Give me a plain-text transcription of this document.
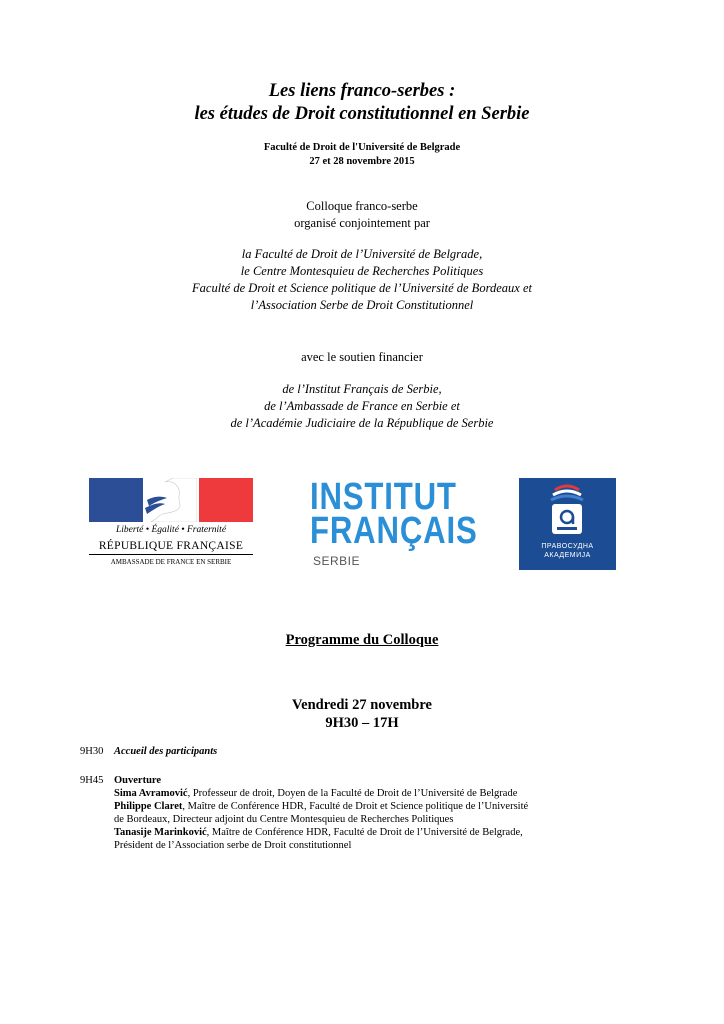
Les liens franco-serbes :
les études de Droit constitutionnel en Serbie
Faculté de Droit de l'Université de Belgrade
27 et 28 novembre 2015
Colloque franco-serbe
organisé conjointement par
la Faculté de Droit de l’Université de Belgrade,
le Centre Montesquieu de Recherches Politiques
Faculté de Droit et Science politique de l’Université de Bordeaux et
l’Association Serbe de Droit Constitutionnel
avec le soutien financier
de l’Institut Français de Serbie,
de l’Ambassade de France en Serbie et
de l’Académie Judiciaire de la République de Serbie
Liberté • Égalité • Fraternité
RÉPUBLIQUE FRANÇAISE
AMBASSADE DE FRANCE EN SERBIE
INSTITUT
FRANÇAIS
SERBIE
ПРАВОСУДНА
АКАДЕМИЈА
Programme du Colloque
Vendredi 27 novembre
9H30 – 17H
9H30	Accueil des participants
9H45	Ouverture
Sima Avramović, Professeur de droit, Doyen de la Faculté de Droit de l’Université de Belgrade
Philippe Claret, Maître de Conférence HDR, Faculté de Droit et Science politique de l’Université de Bordeaux, Directeur adjoint du Centre Montesquieu de Recherches Politiques
Tanasije Marinković, Maître de Conférence HDR, Faculté de Droit de l’Université de Belgrade, Président de l’Association serbe de Droit constitutionnel
